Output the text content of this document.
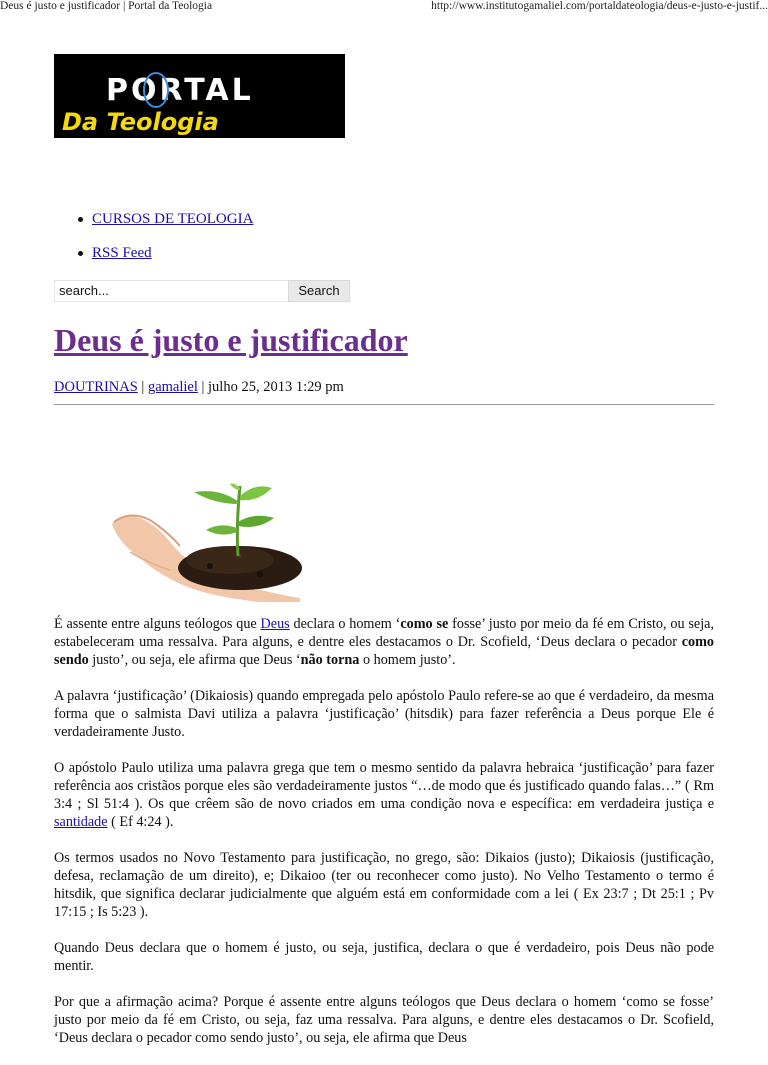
Deus é justo e justificador | Portal da Teologia	http://www.institutogamaliel.com/portaldateologia/deus-e-justo-e-justif...
PORTAL
Da Teologia
CURSOS DE TEOLOGIA
RSS Feed
search...	Search
Deus é justo e justificador
DOUTRINAS | gamaliel | julho 25, 2013 1:29 pm

É assente entre alguns teólogos que Deus declara o homem ‘como se fosse’ justo por meio da fé em Cristo, ou seja, estabeleceram uma ressalva. Para alguns, e dentre eles destacamos o Dr. Scofield, ‘Deus declara o pecador como sendo justo’, ou seja, ele afirma que Deus ‘não torna o homem justo’.

A palavra ‘justificação’ (Dikaiosis) quando empregada pelo apóstolo Paulo refere-se ao que é verdadeiro, da mesma forma que o salmista Davi utiliza a palavra ‘justificação’ (hitsdik) para fazer referência a Deus porque Ele é verdadeiramente Justo.

O apóstolo Paulo utiliza uma palavra grega que tem o mesmo sentido da palavra hebraica ‘justificação’ para fazer referência aos cristãos porque eles são verdadeiramente justos “…de modo que és justificado quando falas…” ( Rm 3:4 ; Sl 51:4 ). Os que crêem são de novo criados em uma condição nova e específica: em verdadeira justiça e santidade ( Ef 4:24 ).

Os termos usados no Novo Testamento para justificação, no grego, são: Dikaios (justo); Dikaiosis (justificação, defesa, reclamação de um direito), e; Dikaioo (ter ou reconhecer como justo). No Velho Testamento o termo é hitsdik, que significa declarar judicialmente que alguém está em conformidade com a lei ( Ex 23:7 ; Dt 25:1 ; Pv 17:15 ; Is 5:23 ).

Quando Deus declara que o homem é justo, ou seja, justifica, declara o que é verdadeiro, pois Deus não pode mentir.

Por que a afirmação acima? Porque é assente entre alguns teólogos que Deus declara o homem ‘como se fosse’ justo por meio da fé em Cristo, ou seja, faz uma ressalva. Para alguns, e dentre eles destacamos o Dr. Scofield, ‘Deus declara o pecador como sendo justo’, ou seja, ele afirma que Deus
